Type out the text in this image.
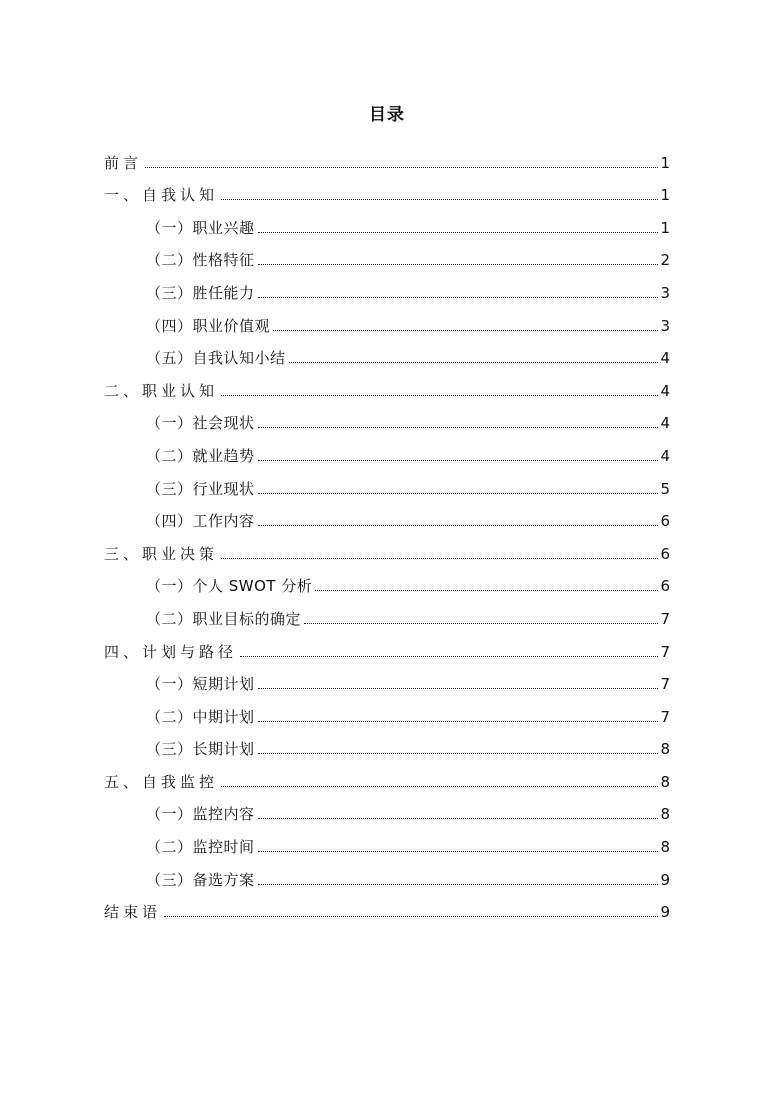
目录
前言	1
一、自我认知	1
（一）职业兴趣	1
（二）性格特征	2
（三）胜任能力	3
（四）职业价值观	3
（五）自我认知小结	4
二、职业认知	4
（一）社会现状	4
（二）就业趋势	4
（三）行业现状	5
（四）工作内容	6
三、职业决策	6
（一）个人 SWOT 分析	6
（二）职业目标的确定	7
四、计划与路径	7
（一）短期计划	7
（二）中期计划	7
（三）长期计划	8
五、自我监控	8
（一）监控内容	8
（二）监控时间	8
（三）备选方案	9
结束语	9
